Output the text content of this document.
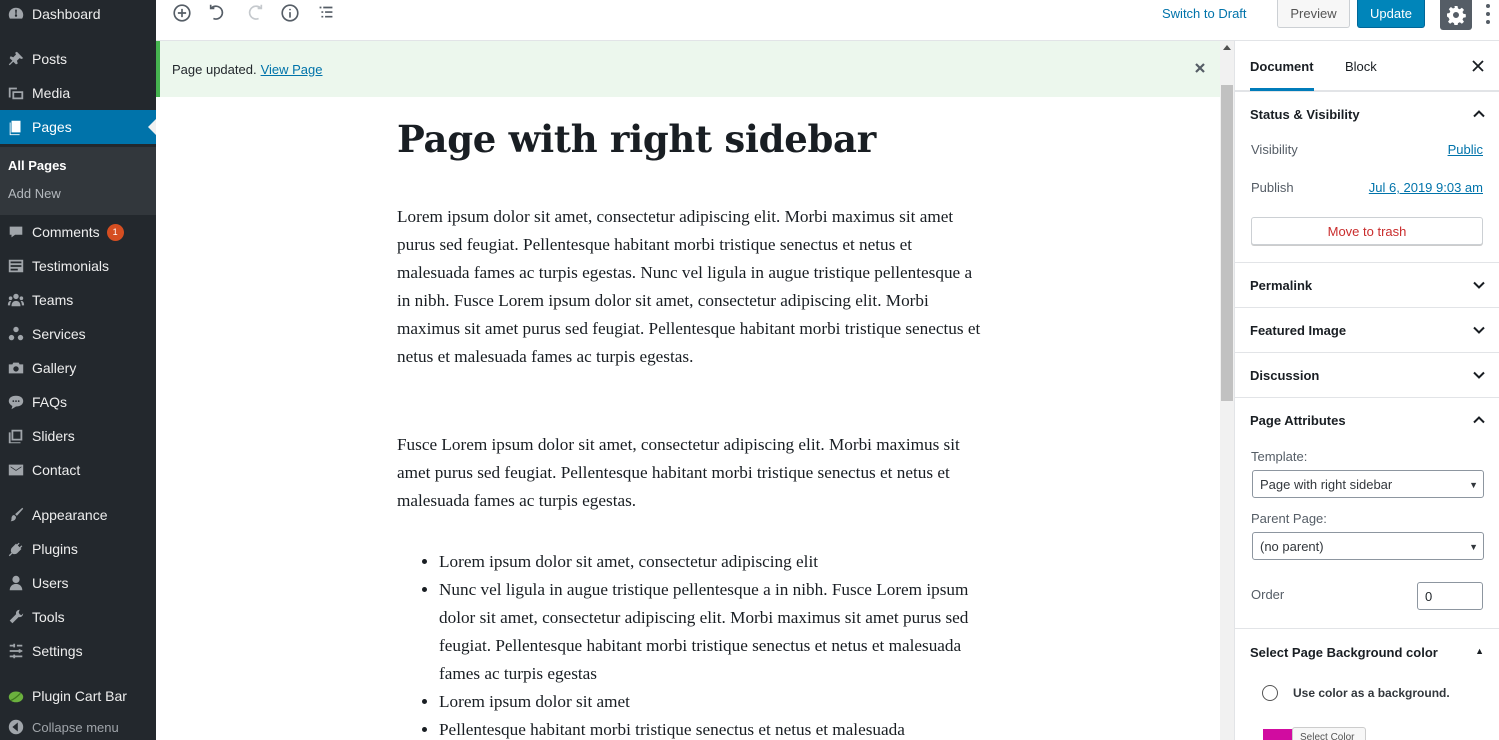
Dashboard
Posts
Media
Pages
All Pages
Add New
Comments	1
Testimonials
Teams
Services
Gallery
FAQs
Sliders
Contact
Appearance
Plugins
Users
Tools
Settings
Plugin Cart Bar
Collapse menu
Switch to Draft	Preview	Update
Page updated. View Page
Page with right sidebar

Lorem ipsum dolor sit amet, consectetur adipiscing elit. Morbi maximus sit amet purus sed feugiat. Pellentesque habitant morbi tristique senectus et netus et malesuada fames ac turpis egestas. Nunc vel ligula in augue tristique pellentesque a in nibh. Fusce Lorem ipsum dolor sit amet, consectetur adipiscing elit. Morbi maximus sit amet purus sed feugiat. Pellentesque habitant morbi tristique senectus et netus et malesuada fames ac turpis egestas.

Fusce Lorem ipsum dolor sit amet, consectetur adipiscing elit. Morbi maximus sit amet purus sed feugiat. Pellentesque habitant morbi tristique senectus et netus et malesuada fames ac turpis egestas.

• Lorem ipsum dolor sit amet, consectetur adipiscing elit
• Nunc vel ligula in augue tristique pellentesque a in nibh. Fusce Lorem ipsum dolor sit amet, consectetur adipiscing elit. Morbi maximus sit amet purus sed feugiat. Pellentesque habitant morbi tristique senectus et netus et malesuada fames ac turpis egestas
• Lorem ipsum dolor sit amet
• Pellentesque habitant morbi tristique senectus et netus et malesuada
Document Block
Status & Visibility
Visibility	Public
Publish	Jul 6, 2019 9:03 am
Move to trash
Permalink
Featured Image
Discussion
Page Attributes
Template:
Page with right sidebar	▼
Parent Page:
(no parent)	▼
Order	0
Select Page Background color	▲
Use color as a background.
Select Color
